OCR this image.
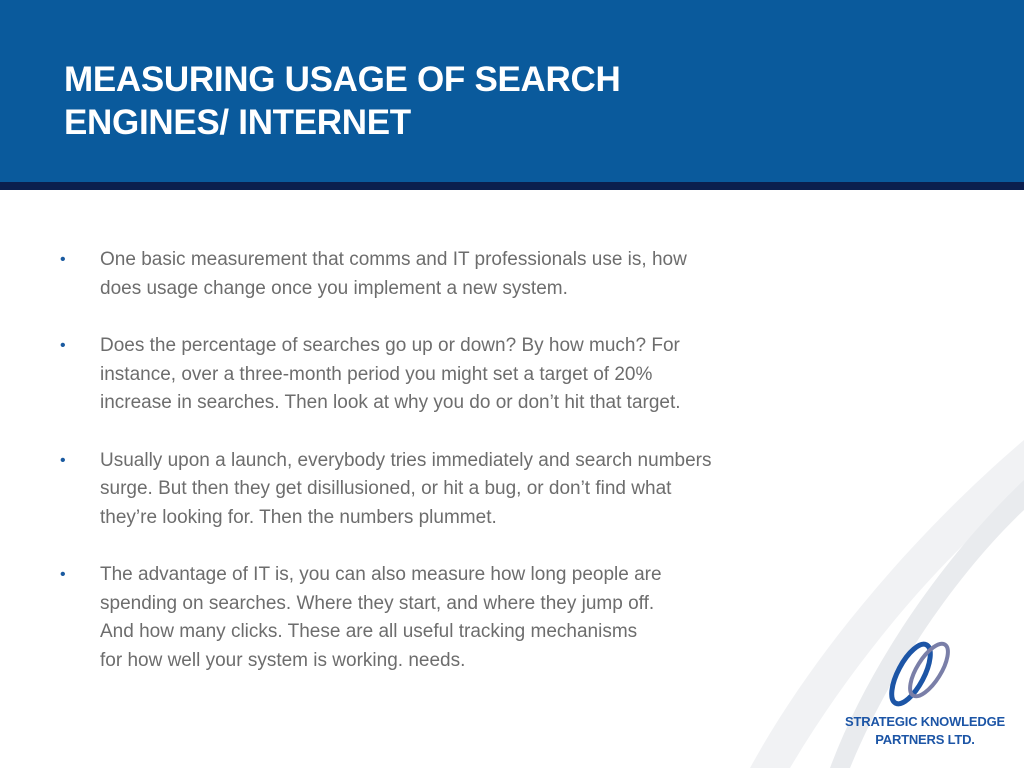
MEASURING USAGE OF SEARCH
ENGINES/ INTERNET
• One basic measurement that comms and IT professionals use is, how
does usage change once you implement a new system.
• Does the percentage of searches go up or down? By how much? For
instance, over a three-month period you might set a target of 20%
increase in searches. Then look at why you do or don’t hit that target.
• Usually upon a launch, everybody tries immediately and search numbers
surge. But then they get disillusioned, or hit a bug, or don’t find what
they’re looking for. Then the numbers plummet.
• The advantage of IT is, you can also measure how long people are
spending on searches. Where they start, and where they jump off.
And how many clicks. These are all useful tracking mechanisms
for how well your system is working. needs.
STRATEGIC KNOWLEDGE
PARTNERS LTD.
